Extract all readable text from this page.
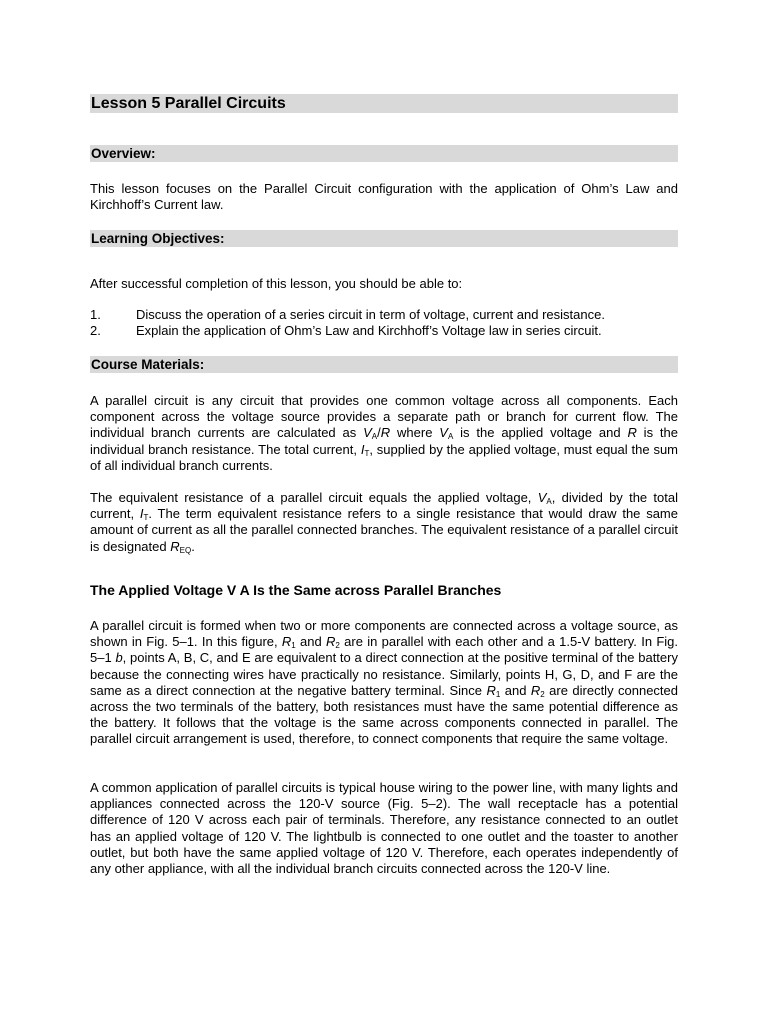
Lesson 5 Parallel Circuits
Overview:
This lesson focuses on the Parallel Circuit configuration with the application of Ohm’s Law and Kirchhoff’s Current law.
Learning Objectives:
After successful completion of this lesson, you should be able to:
1.	Discuss the operation of a series circuit in term of voltage, current and resistance.
2.	Explain the application of Ohm’s Law and Kirchhoff’s Voltage law in series circuit.
Course Materials:
A parallel circuit is any circuit that provides one common voltage across all components. Each component across the voltage source provides a separate path or branch for current flow. The individual branch currents are calculated as $V_A/R$ where $V_A$ is the applied voltage and R is the individual branch resistance. The total current, $I_T$, supplied by the applied voltage, must equal the sum of all individual branch currents.
The equivalent resistance of a parallel circuit equals the applied voltage, $V_A$, divided by the total current, $I_T$. The term equivalent resistance refers to a single resistance that would draw the same amount of current as all the parallel connected branches. The equivalent resistance of a parallel circuit is designated $R_{EQ}$.
The Applied Voltage V A Is the Same across Parallel Branches
A parallel circuit is formed when two or more components are connected across a voltage source, as shown in Fig. 5–1. In this figure, $R_1$ and $R_2$ are in parallel with each other and a 1.5-V battery. In Fig. 5–1 b, points A, B, C, and E are equivalent to a direct connection at the positive terminal of the battery because the connecting wires have practically no resistance. Similarly, points H, G, D, and F are the same as a direct connection at the negative battery terminal. Since $R_1$ and $R_2$ are directly connected across the two terminals of the battery, both resistances must have the same potential difference as the battery. It follows that the voltage is the same across components connected in parallel. The parallel circuit arrangement is used, therefore, to connect components that require the same voltage.
A common application of parallel circuits is typical house wiring to the power line, with many lights and appliances connected across the 120-V source (Fig. 5–2). The wall receptacle has a potential difference of 120 V across each pair of terminals. Therefore, any resistance connected to an outlet has an applied voltage of 120 V. The lightbulb is connected to one outlet and the toaster to another outlet, but both have the same applied voltage of 120 V. Therefore, each operates independently of any other appliance, with all the individual branch circuits connected across the 120-V line.
